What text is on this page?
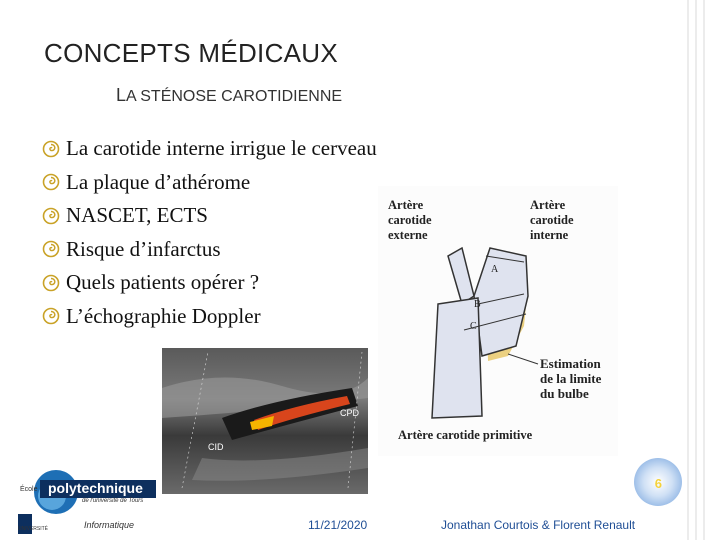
CONCEPTS MÉDICAUX
LA STÉNOSE CAROTIDIENNE
La carotide interne irrigue le cerveau
La plaque d’athérome
NASCET, ECTS
Risque d’infarctus
Quels patients opérer ?
L’échographie Doppler
Artère
carotide
externe
Artère
carotide
interne
A
B
C
Estimation
de la limite
du bulbe
Artère carotide primitive
CPD
CID
École polytechnique
de l'université de Tours
Informatique
UNIVERSITÉ
6
11/21/2020	Jonathan Courtois & Florent Renault
